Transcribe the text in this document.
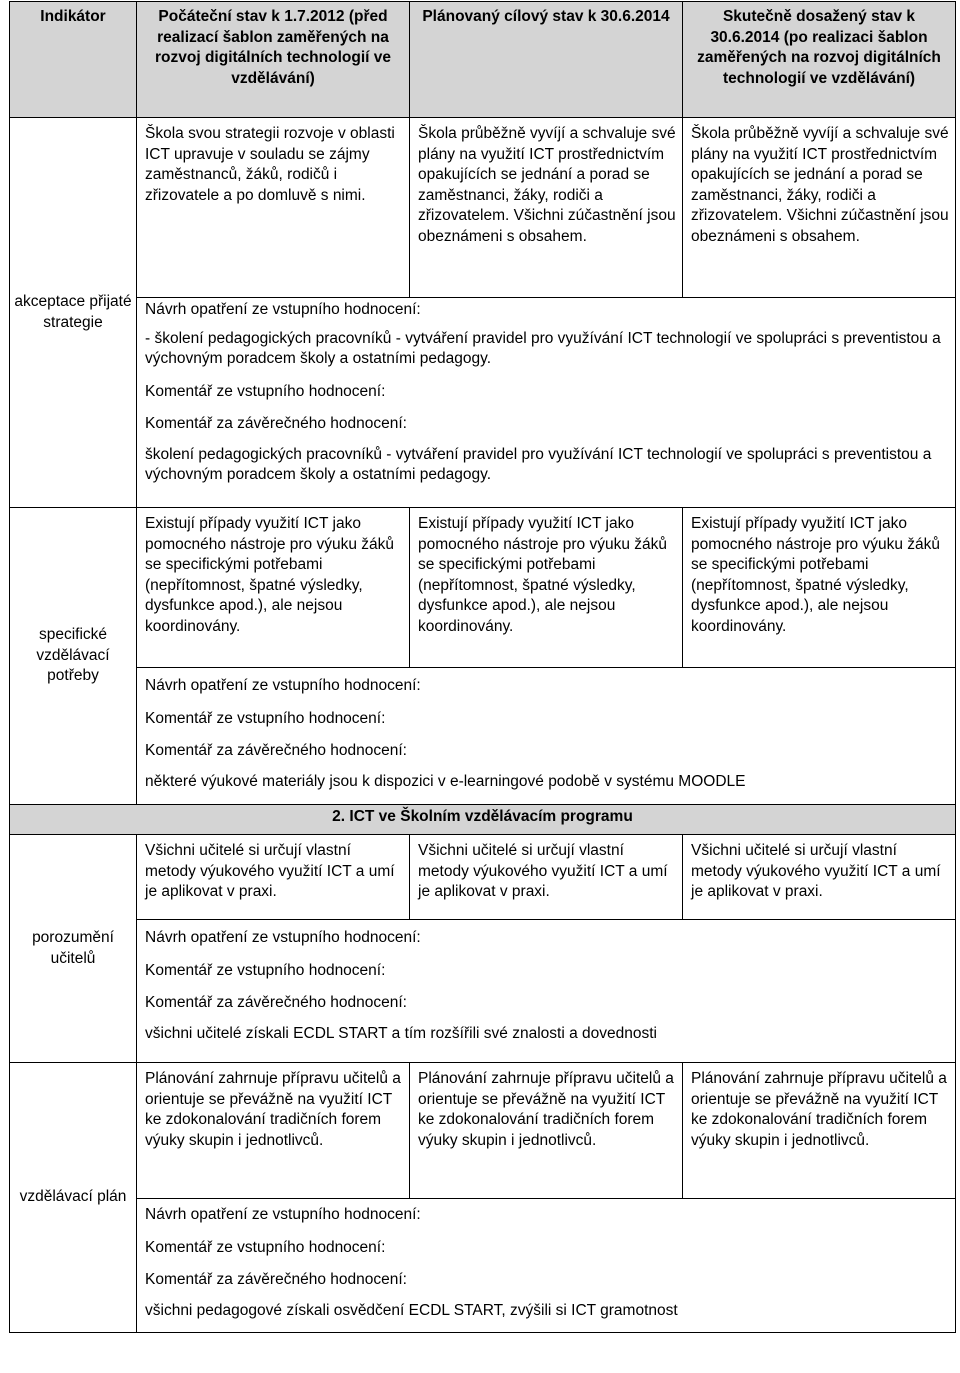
Indikátor	Počáteční stav k 1.7.2012 (před realizací šablon zaměřených na rozvoj digitálních technologií ve vzdělávání)	Plánovaný cílový stav k 30.6.2014	Skutečně dosažený stav k 30.6.2014 (po realizaci šablon zaměřených na rozvoj digitálních technologií ve vzdělávání)

akceptace přijaté strategie	Škola svou strategii rozvoje v oblasti ICT upravuje v souladu se zájmy zaměstnanců, žáků, rodičů i zřizovatele a po domluvě s nimi.	Škola průběžně vyvíjí a schvaluje své plány na využití ICT prostřednictvím opakujících se jednání a porad se zaměstnanci, žáky, rodiči a zřizovatelem. Všichni zúčastnění jsou obeznámeni s obsahem.	Škola průběžně vyvíjí a schvaluje své plány na využití ICT prostřednictvím opakujících se jednání a porad se zaměstnanci, žáky, rodiči a zřizovatelem. Všichni zúčastnění jsou obeznámeni s obsahem.

	Návrh opatření ze vstupního hodnocení:
- školení pedagogických pracovníků - vytváření pravidel pro využívání ICT technologií ve spolupráci s preventistou a výchovným poradcem školy a ostatními pedagogy.
Komentář ze vstupního hodnocení:
Komentář za závěrečného hodnocení:
školení pedagogických pracovníků - vytváření pravidel pro využívání ICT technologií ve spolupráci s preventistou a výchovným poradcem školy a ostatními pedagogy.		

specifické vzdělávací potřeby	Existují případy využití ICT jako pomocného nástroje pro výuku žáků se specifickými potřebami (nepřítomnost, špatné výsledky, dysfunkce apod.), ale nejsou koordinovány.	Existují případy využití ICT jako pomocného nástroje pro výuku žáků se specifickými potřebami (nepřítomnost, špatné výsledky, dysfunkce apod.), ale nejsou koordinovány.	Existují případy využití ICT jako pomocného nástroje pro výuku žáků se specifickými potřebami (nepřítomnost, špatné výsledky, dysfunkce apod.), ale nejsou koordinovány.

	Návrh opatření ze vstupního hodnocení:
Komentář ze vstupního hodnocení:
Komentář za závěrečného hodnocení:
některé výukové materiály jsou k dispozici v e-learningové podobě v systému MOODLE		

2. ICT ve Školním vzdělávacím programu			
porozumění učitelů	Všichni učitelé si určují vlastní metody výukového využití ICT a umí je aplikovat v praxi.	Všichni učitelé si určují vlastní metody výukového využití ICT a umí je aplikovat v praxi.	Všichni učitelé si určují vlastní metody výukového využití ICT a umí je aplikovat v praxi.

	Návrh opatření ze vstupního hodnocení:
Komentář ze vstupního hodnocení:
Komentář za závěrečného hodnocení:
všichni učitelé získali ECDL START a tím rozšířili své znalosti a dovednosti		

vzdělávací plán	Plánování zahrnuje přípravu učitelů a orientuje se převážně na využití ICT ke zdokonalování tradičních forem výuky skupin i jednotlivců.	Plánování zahrnuje přípravu učitelů a orientuje se převážně na využití ICT ke zdokonalování tradičních forem výuky skupin i jednotlivců.	Plánování zahrnuje přípravu učitelů a orientuje se převážně na využití ICT ke zdokonalování tradičních forem výuky skupin i jednotlivců.

	Návrh opatření ze vstupního hodnocení:
Komentář ze vstupního hodnocení:
Komentář za závěrečného hodnocení:
všichni pedagogové získali osvědčení ECDL START, zvýšili si ICT gramotnost		
